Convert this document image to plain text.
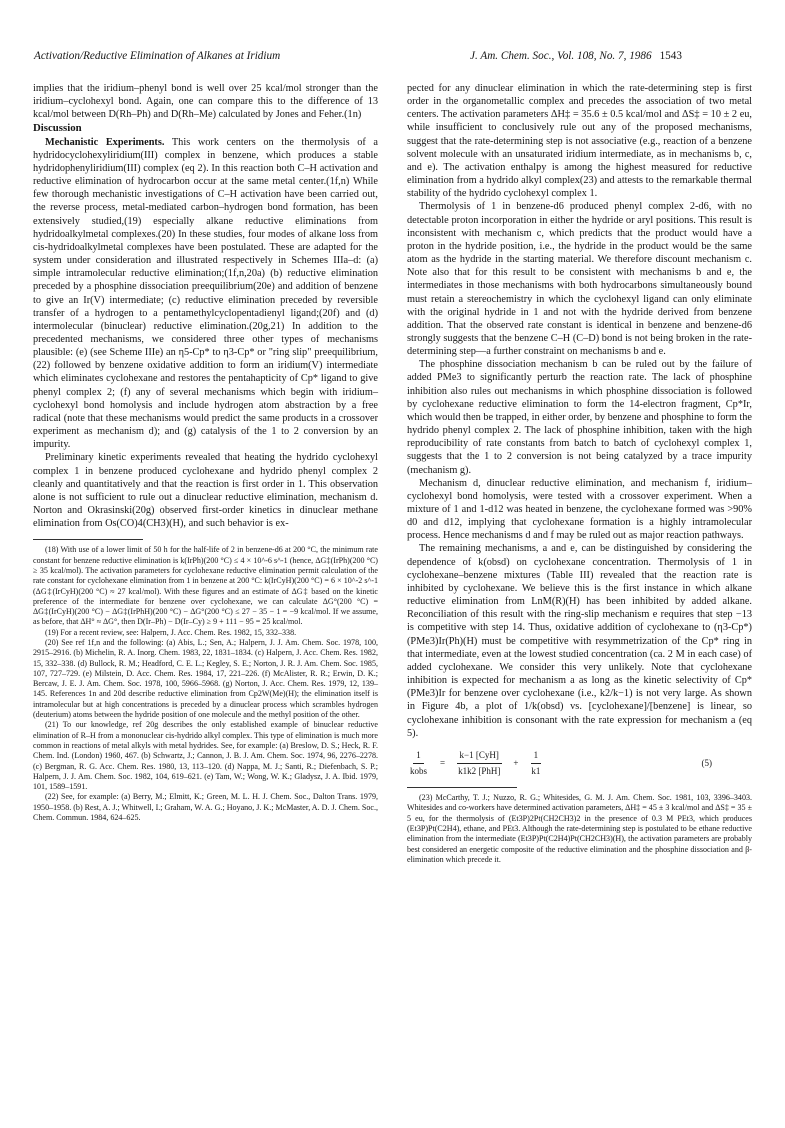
Activation/Reductive Elimination of Alkanes at Iridium	J. Am. Chem. Soc., Vol. 108, No. 7, 1986 1543

implies that the iridium–phenyl bond is well over 25 kcal/mol stronger than the iridium–cyclohexyl bond. Again, one can compare this to the difference of 13 kcal/mol between D(Rh–Ph) and D(Rh–Me) calculated by Jones and Feher.(1n)

Discussion

Mechanistic Experiments. This work centers on the thermolysis of a hydridocyclohexyliridium(III) complex in benzene, which produces a stable hydridophenyliridium(III) complex (eq 2). In this reaction both C–H activation and reductive elimination of hydrocarbon occur at the same metal center.(1f,n) While few thorough mechanistic investigations of C–H activation have been carried out, the reverse process, metal-mediated carbon–hydrogen bond formation, has been extensively studied,(19) especially alkane reductive eliminations from hydridoalkylmetal complexes.(20) In these studies, four modes of alkane loss from cis-hydridoalkylmetal complexes have been postulated. These are adapted for the system under consideration and illustrated respectively in Schemes IIIa–d: (a) simple intramolecular reductive elimination;(1f,n,20a) (b) reductive elimination preceded by a phosphine dissociation preequilibrium(20e) and addition of benzene to give an Ir(V) intermediate; (c) reductive elimination preceded by reversible transfer of a hydrogen to a pentamethylcyclopentadienyl ligand;(20f) and (d) intermolecular (binuclear) reductive elimination.(20g,21) In addition to the precedented mechanisms, we considered three other types of mechanisms plausible: (e) (see Scheme IIIe) an η5-Cp* to η3-Cp* or "ring slip" preequilibrium,(22) followed by benzene oxidative addition to form an iridium(V) intermediate which eliminates cyclohexane and restores the pentahapticity of Cp* ligand to give phenyl complex 2; (f) any of several mechanisms which begin with iridium–cyclohexyl bond homolysis and include hydrogen atom abstraction by a free radical (note that these mechanisms would predict the same products in a crossover experiment as mechanism d); and (g) catalysis of the 1 to 2 conversion by an impurity.

Preliminary kinetic experiments revealed that heating the hydrido cyclohexyl complex 1 in benzene produced cyclohexane and hydrido phenyl complex 2 cleanly and quantitatively and that the reaction is first order in 1. This observation alone is not sufficient to rule out a dinuclear reductive elimination, mechanism d. Norton and Okrasinski(20g) observed first-order kinetics in dinuclear methane elimination from Os(CO)4(CH3)(H), and such behavior is ex-

(18) With use of a lower limit of 50 h for the half-life of 2 in benzene-d6 at 200 °C, the minimum rate constant for benzene reductive elimination is k(IrPh)(200 °C) ≤ 4 × 10^-6 s^-1 (hence, ΔG‡(IrPh)(200 °C) ≥ 35 kcal/mol). The activation parameters for cyclohexane reductive elimination permit calculation of the rate constant for cyclohexane elimination from 1 in benzene at 200 °C: k(IrCyH)(200 °C) = 6 × 10^-2 s^-1 (ΔG‡(IrCyH)(200 °C) ≈ 27 kcal/mol). With these figures and an estimate of ΔG‡ based on the kinetic preference of the intermediate for benzene over cyclohexane, we can calculate ΔG°(200 °C) = ΔG‡(IrCyH)(200 °C) − ΔG‡(IrPhH)(200 °C) − ΔG°(200 °C) ≤ 27 − 35 − 1 = −9 kcal/mol. If we assume, as before, that ΔH° ≈ ΔG°, then D(Ir–Ph) − D(Ir–Cy) ≥ 9 + 111 − 95 = 25 kcal/mol.

(19) For a recent review, see: Halpern, J. Acc. Chem. Res. 1982, 15, 332–338.

(20) See ref 1f,n and the following: (a) Abis, L.; Sen, A.; Halpern, J. J. Am. Chem. Soc. 1978, 100, 2915–2916. (b) Michelin, R. A. Inorg. Chem. 1983, 22, 1831–1834. (c) Halpern, J. Acc. Chem. Res. 1982, 15, 332–338. (d) Bullock, R. M.; Headford, C. E. L.; Kegley, S. E.; Norton, J. R. J. Am. Chem. Soc. 1985, 107, 727–729. (e) Milstein, D. Acc. Chem. Res. 1984, 17, 221–226. (f) McAlister, R. R.; Erwin, D. K.; Bercaw, J. E. J. Am. Chem. Soc. 1978, 100, 5966–5968. (g) Norton, J. Acc. Chem. Res. 1979, 12, 139–145. References 1n and 20d describe reductive elimination from Cp2W(Me)(H); the elimination itself is intramolecular but at high concentrations is preceded by a dinuclear process which scrambles hydrogen (deuterium) atoms between the hydride position of one molecule and the methyl position of the other.

(21) To our knowledge, ref 20g describes the only established example of binuclear reductive elimination of R–H from a mononuclear cis-hydrido alkyl complex. This type of elimination is much more common in reactions of metal alkyls with metal hydrides. See, for example: (a) Breslow, D. S.; Heck, R. F. Chem. Ind. (London) 1960, 467. (b) Schwartz, J.; Cannon, J. B. J. Am. Chem. Soc. 1974, 96, 2276–2278. (c) Bergman, R. G. Acc. Chem. Res. 1980, 13, 113–120. (d) Nappa, M. J.; Santi, R.; Diefenbach, S. P.; Halpern, J. J. Am. Chem. Soc. 1982, 104, 619–621. (e) Tam, W.; Wong, W. K.; Gladysz, J. A. Ibid. 1979, 101, 1589–1591.

(22) See, for example: (a) Berry, M.; Elmitt, K.; Green, M. L. H. J. Chem. Soc., Dalton Trans. 1979, 1950–1958. (b) Rest, A. J.; Whitwell, I.; Graham, W. A. G.; Hoyano, J. K.; McMaster, A. D. J. Chem. Soc., Chem. Commun. 1984, 624–625.

pected for any dinuclear elimination in which the rate-determining step is first order in the organometallic complex and precedes the association of two metal centers. The activation parameters ΔH‡ = 35.6 ± 0.5 kcal/mol and ΔS‡ = 10 ± 2 eu, while insufficient to conclusively rule out any of the proposed mechanisms, suggest that the rate-determining step is not associative (e.g., reaction of a benzene solvent molecule with an unsaturated iridium intermediate, as in mechanisms b, c, and e). The activation enthalpy is among the highest measured for reductive elimination from a hydrido alkyl complex(23) and attests to the remarkable thermal stability of the hydrido cyclohexyl complex 1.

Thermolysis of 1 in benzene-d6 produced phenyl complex 2-d6, with no detectable proton incorporation in either the hydride or aryl positions. This result is inconsistent with mechanism c, which predicts that the product would have a proton in the hydride position, i.e., the hydride in the product would be the same atom as the hydride in the starting material. We therefore discount mechanism c. Note also that for this result to be consistent with mechanisms b and e, the intermediates in those mechanisms with both hydrocarbons simultaneously bound must retain a stereochemistry in which the cyclohexyl ligand can only eliminate with the original hydride in 1 and not with the hydride derived from benzene addition. That the observed rate constant is identical in benzene and benzene-d6 strongly suggests that the benzene C–H (C–D) bond is not being broken in the rate-determining step—a further constraint on mechanisms b and e.

The phosphine dissociation mechanism b can be ruled out by the failure of added PMe3 to significantly perturb the reaction rate. The lack of phosphine inhibition also rules out mechanisms in which phosphine dissociation is followed by cyclohexane reductive elimination to form the 14-electron fragment, Cp*Ir, which would then be trapped, in either order, by benzene and phosphine to form the hydrido phenyl complex 2. The lack of phosphine inhibition, taken with the high reproducibility of rate constants from batch to batch of cyclohexyl complex 1, suggests that the 1 to 2 conversion is not being catalyzed by a trace impurity (mechanism g).

Mechanism d, dinuclear reductive elimination, and mechanism f, iridium–cyclohexyl bond homolysis, were tested with a crossover experiment. When a mixture of 1 and 1-d12 was heated in benzene, the cyclohexane formed was >90% d0 and d12, implying that cyclohexane formation is a highly intramolecular process. Hence mechanisms d and f may be ruled out as major reaction pathways.

The remaining mechanisms, a and e, can be distinguished by considering the dependence of k(obsd) on cyclohexane concentration. Thermolysis of 1 in cyclohexane–benzene mixtures (Table III) revealed that the reaction rate is inhibited by cyclohexane. We believe this is the first instance in which alkane reductive elimination from LnM(R)(H) has been inhibited by added alkane. Reconciliation of this result with the ring-slip mechanism e requires that step −13 is competitive with step 14. Thus, oxidative addition of cyclohexane to (η3-Cp*)(PMe3)Ir(Ph)(H) must be competitive with resymmetrization of the Cp* ring in that intermediate, even at the lowest studied concentration (ca. 2 M in each case) of added cyclohexane. We consider this very unlikely. Note that cyclohexane inhibition is expected for mechanism a as long as the kinetic selectivity of Cp*(PMe3)Ir for benzene over cyclohexane (i.e., k2/k−1) is not very large. As shown in Figure 4b, a plot of 1/k(obsd) vs. [cyclohexane]/[benzene] is linear, so cyclohexane inhibition is consonant with the rate expression for mechanism a (eq 5).

$\frac{1}{\text{kobs}} = \frac{\text{k−1 [CyH]}}{\text{k1k2 [PhH]}} + \frac{1}{k1}$	(5)

(23) McCarthy, T. J.; Nuzzo, R. G.; Whitesides, G. M. J. Am. Chem. Soc. 1981, 103, 3396–3403. Whitesides and co-workers have determined activation parameters, ΔH‡ = 45 ± 3 kcal/mol and ΔS‡ = 35 ± 5 eu, for the thermolysis of (Et3P)2Pt(CH2CH3)2 in the presence of 0.3 M PEt3, which produces (Et3P)Pt(C2H4), ethane, and PEt3. Although the rate-determining step is postulated to be ethane reductive elimination from the intermediate (Et3P)Pt(C2H4)Pt(CH2CH3)(H), the activation parameters are probably best considered an energetic composite of the reductive elimination and the phosphine dissociation and β-elimination which precede it.
